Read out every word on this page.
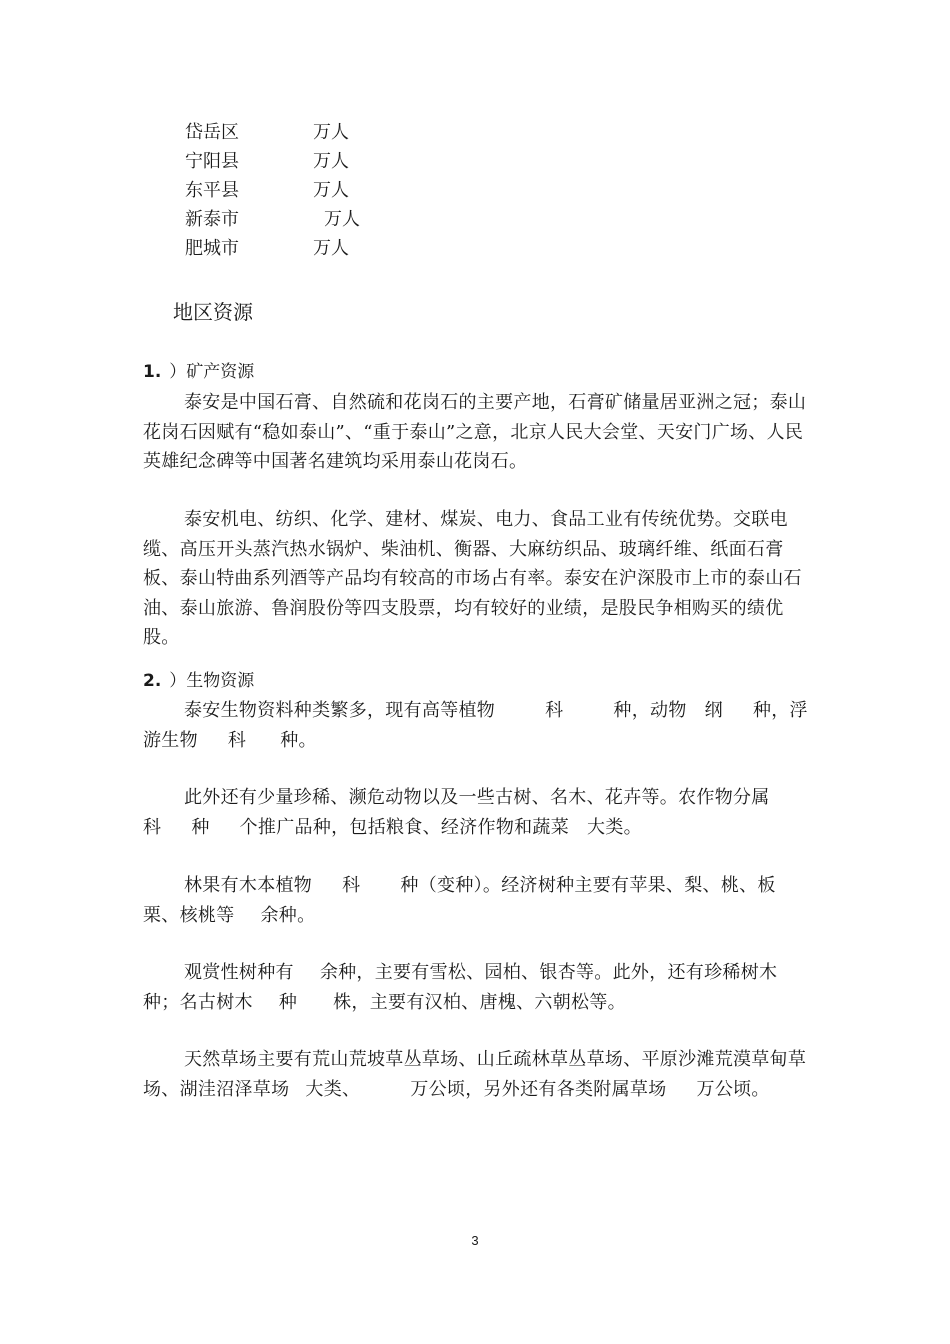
岱岳区	万人
宁阳县	万人
东平县	万人
新泰市	万人
肥城市	万人
地区资源
1. ）矿产资源

泰安是中国石膏、自然硫和花岗石的主要产地，石膏矿储量居亚洲之冠；泰山花岗石因赋有“稳如泰山”、“重于泰山”之意，北京人民大会堂、天安门广场、人民英雄纪念碑等中国著名建筑均采用泰山花岗石。

泰安机电、纺织、化学、建材、煤炭、电力、食品工业有传统优势。交联电缆、高压开头蒸汽热水锅炉、柴油机、衡器、大麻纺织品、玻璃纤维、纸面石膏板、泰山特曲系列酒等产品均有较高的市场占有率。泰安在沪深股市上市的泰山石油、泰山旅游、鲁润股份等四支股票，均有较好的业绩，是股民争相购买的绩优股。

2. ）生物资源

泰安生物资料种类繁多，现有高等植物	科	种，动物 纲 种，浮游生物 科 种。

此外还有少量珍稀、濒危动物以及一些古树、名木、花卉等。农作物分属科 种 个推广品种，包括粮食、经济作物和蔬菜 大类。

林果有木本植物 科 种（变种）。经济树种主要有苹果、梨、桃、板栗、核桃等 余种。

观赏性树种有 余种，主要有雪松、园柏、银杏等。此外，还有珍稀树木种；名古树木 种 株，主要有汉柏、唐槐、六朝松等。

天然草场主要有荒山荒坡草丛草场、山丘疏林草丛草场、平原沙滩荒漠草甸草场、湖洼沼泽草场 大类、	万公顷，另外还有各类附属草场 万公顷。

3
